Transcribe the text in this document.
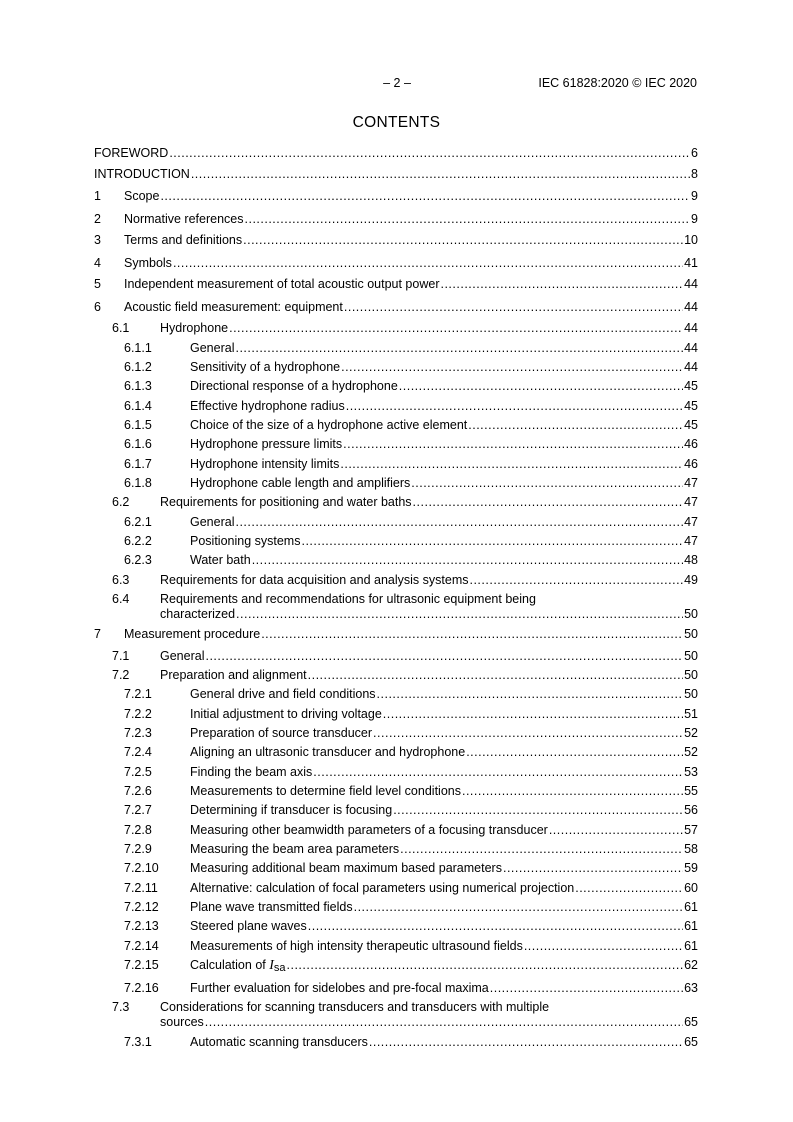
– 2 –	IEC 61828:2020 © IEC 2020
CONTENTS
FOREWORD .....	6
INTRODUCTION .....	8
1 Scope .....	9
2 Normative references .....	9
3 Terms and definitions .....	10
4 Symbols .....	41
5 Independent measurement of total acoustic output power .....	44
6 Acoustic field measurement: equipment .....	44
6.1 Hydrophone .....	44
6.1.1	General .....	44
6.1.2	Sensitivity of a hydrophone .....	44
6.1.3	Directional response of a hydrophone .....	45
6.1.4	Effective hydrophone radius .....	45
6.1.5	Choice of the size of a hydrophone active element .....	45
6.1.6	Hydrophone pressure limits .....	46
6.1.7	Hydrophone intensity limits .....	46
6.1.8	Hydrophone cable length and amplifiers .....	47
6.2 Requirements for positioning and water baths .....	47
6.2.1	General .....	47
6.2.2	Positioning systems .....	47
6.2.3	Water bath .....	48
6.3 Requirements for data acquisition and analysis systems .....	49
6.4 Requirements and recommendations for ultrasonic equipment being
characterized .....	50
7 Measurement procedure .....	50
7.1 General .....	50
7.2 Preparation and alignment .....	50
7.2.1	General drive and field conditions .....	50
7.2.2	Initial adjustment to driving voltage .....	51
7.2.3	Preparation of source transducer .....	52
7.2.4	Aligning an ultrasonic transducer and hydrophone .....	52
7.2.5	Finding the beam axis .....	53
7.2.6	Measurements to determine field level conditions .....	55
7.2.7	Determining if transducer is focusing .....	56
7.2.8	Measuring other beamwidth parameters of a focusing transducer .....	57
7.2.9	Measuring the beam area parameters .....	58
7.2.10 Measuring additional beam maximum based parameters .....	59
7.2.11	Alternative: calculation of focal parameters using numerical projection .....	60
7.2.12 Plane wave transmitted fields .....	61
7.2.13 Steered plane waves .....	61
7.2.14 Measurements of high intensity therapeutic ultrasound fields .....	61
7.2.15 Calculation of Isa .....	62
7.2.16 Further evaluation for sidelobes and pre-focal maxima .....	63
7.3 Considerations for scanning transducers and transducers with multiple
sources .....	65
7.3.1	Automatic scanning transducers .....	65
